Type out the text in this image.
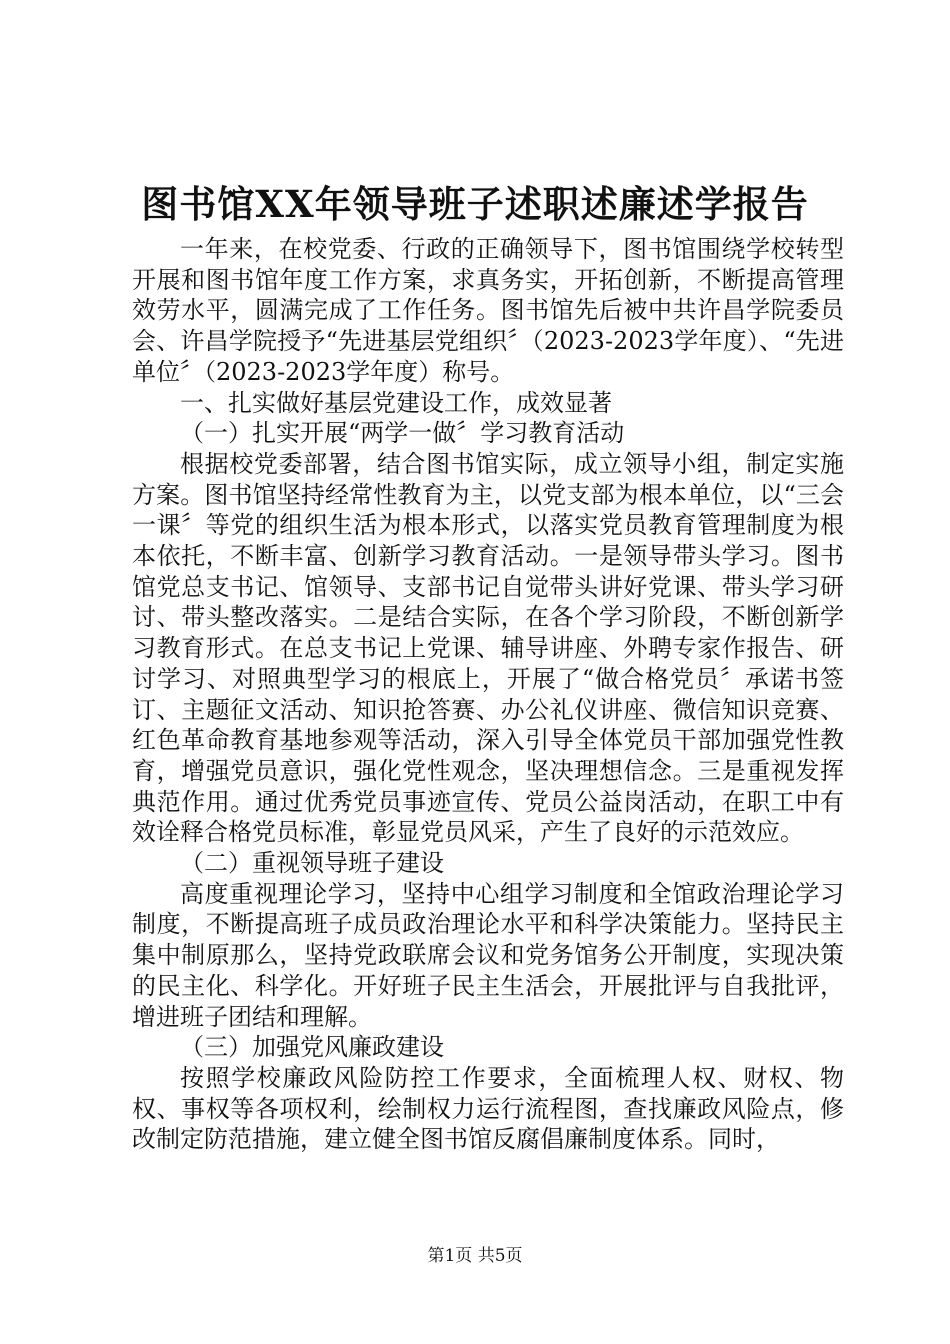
图书馆XX年领导班子述职述廉述学报告

一年来，在校党委、行政的正确领导下，图书馆围绕学校转型开展和图书馆年度工作方案，求真务实，开拓创新，不断提高管理效劳水平，圆满完成了工作任务。图书馆先后被中共许昌学院委员会、许昌学院授予“先进基层党组织〞（2023-2023学年度）、“先进单位〞（2023-2023学年度）称号。

一、扎实做好基层党建设工作，成效显著

（一）扎实开展“两学一做〞学习教育活动

根据校党委部署，结合图书馆实际，成立领导小组，制定实施方案。图书馆坚持经常性教育为主，以党支部为根本单位，以“三会一课〞等党的组织生活为根本形式，以落实党员教育管理制度为根本依托，不断丰富、创新学习教育活动。一是领导带头学习。图书馆党总支书记、馆领导、支部书记自觉带头讲好党课、带头学习研讨、带头整改落实。二是结合实际，在各个学习阶段，不断创新学习教育形式。在总支书记上党课、辅导讲座、外聘专家作报告、研讨学习、对照典型学习的根底上，开展了“做合格党员〞承诺书签订、主题征文活动、知识抢答赛、办公礼仪讲座、微信知识竞赛、红色革命教育基地参观等活动，深入引导全体党员干部加强党性教育，增强党员意识，强化党性观念，坚决理想信念。三是重视发挥典范作用。通过优秀党员事迹宣传、党员公益岗活动，在职工中有效诠释合格党员标准，彰显党员风采，产生了良好的示范效应。

（二）重视领导班子建设

高度重视理论学习，坚持中心组学习制度和全馆政治理论学习制度，不断提高班子成员政治理论水平和科学决策能力。坚持民主集中制原那么，坚持党政联席会议和党务馆务公开制度，实现决策的民主化、科学化。开好班子民主生活会，开展批评与自我批评，增进班子团结和理解。

（三）加强党风廉政建设

按照学校廉政风险防控工作要求，全面梳理人权、财权、物权、事权等各项权利，绘制权力运行流程图，查找廉政风险点，修改制定防范措施，建立健全图书馆反腐倡廉制度体系。同时，

第1页 共5页
